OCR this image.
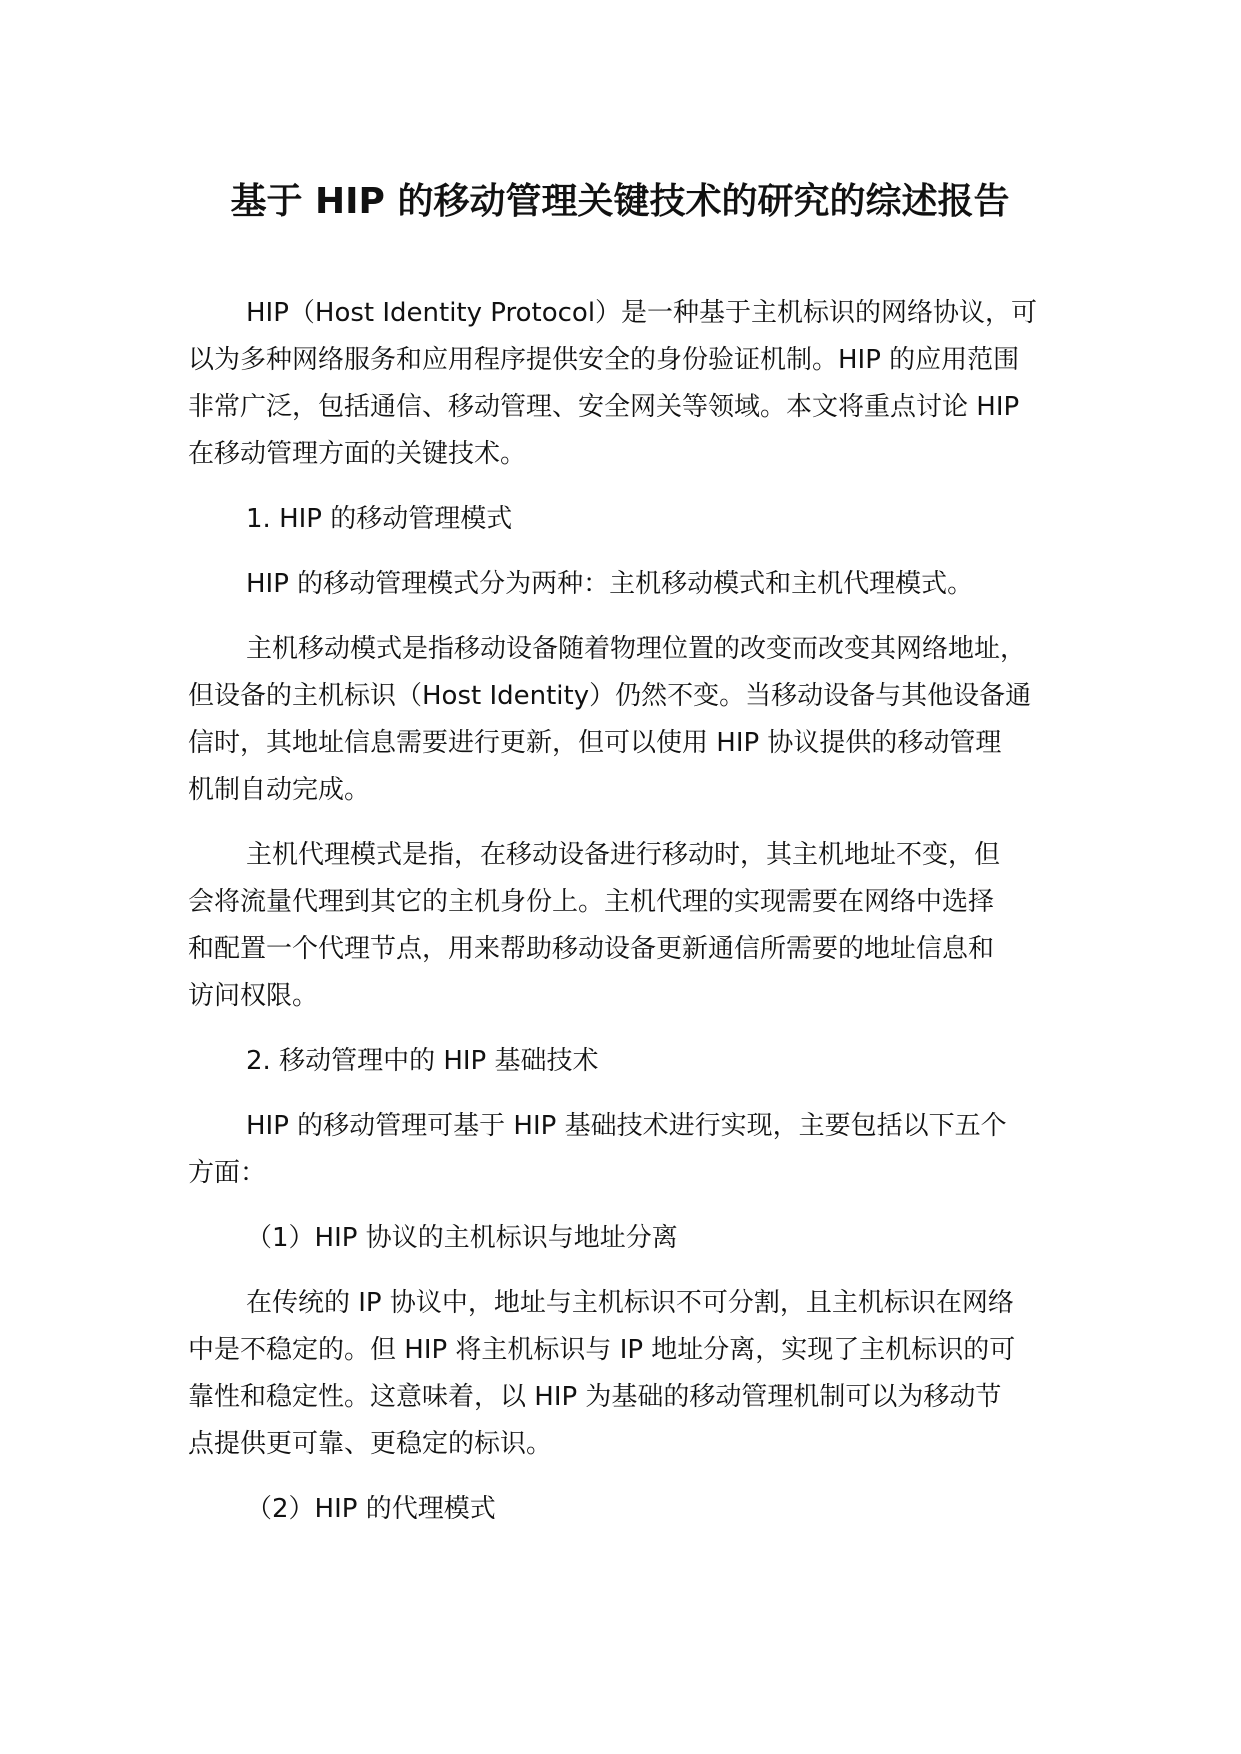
基于 HIP 的移动管理关键技术的研究的综述报告

HIP（Host Identity Protocol）是一种基于主机标识的网络协议，可
以为多种网络服务和应用程序提供安全的身份验证机制。HIP 的应用范围
非常广泛，包括通信、移动管理、安全网关等领域。本文将重点讨论 HIP
在移动管理方面的关键技术。

1. HIP 的移动管理模式

HIP 的移动管理模式分为两种：主机移动模式和主机代理模式。

主机移动模式是指移动设备随着物理位置的改变而改变其网络地址，
但设备的主机标识（Host Identity）仍然不变。当移动设备与其他设备通
信时，其地址信息需要进行更新，但可以使用 HIP 协议提供的移动管理
机制自动完成。

主机代理模式是指，在移动设备进行移动时，其主机地址不变，但
会将流量代理到其它的主机身份上。主机代理的实现需要在网络中选择
和配置一个代理节点，用来帮助移动设备更新通信所需要的地址信息和
访问权限。

2. 移动管理中的 HIP 基础技术

HIP 的移动管理可基于 HIP 基础技术进行实现，主要包括以下五个
方面：

（1）HIP 协议的主机标识与地址分离

在传统的 IP 协议中，地址与主机标识不可分割，且主机标识在网络
中是不稳定的。但 HIP 将主机标识与 IP 地址分离，实现了主机标识的可
靠性和稳定性。这意味着，以 HIP 为基础的移动管理机制可以为移动节
点提供更可靠、更稳定的标识。

（2）HIP 的代理模式
